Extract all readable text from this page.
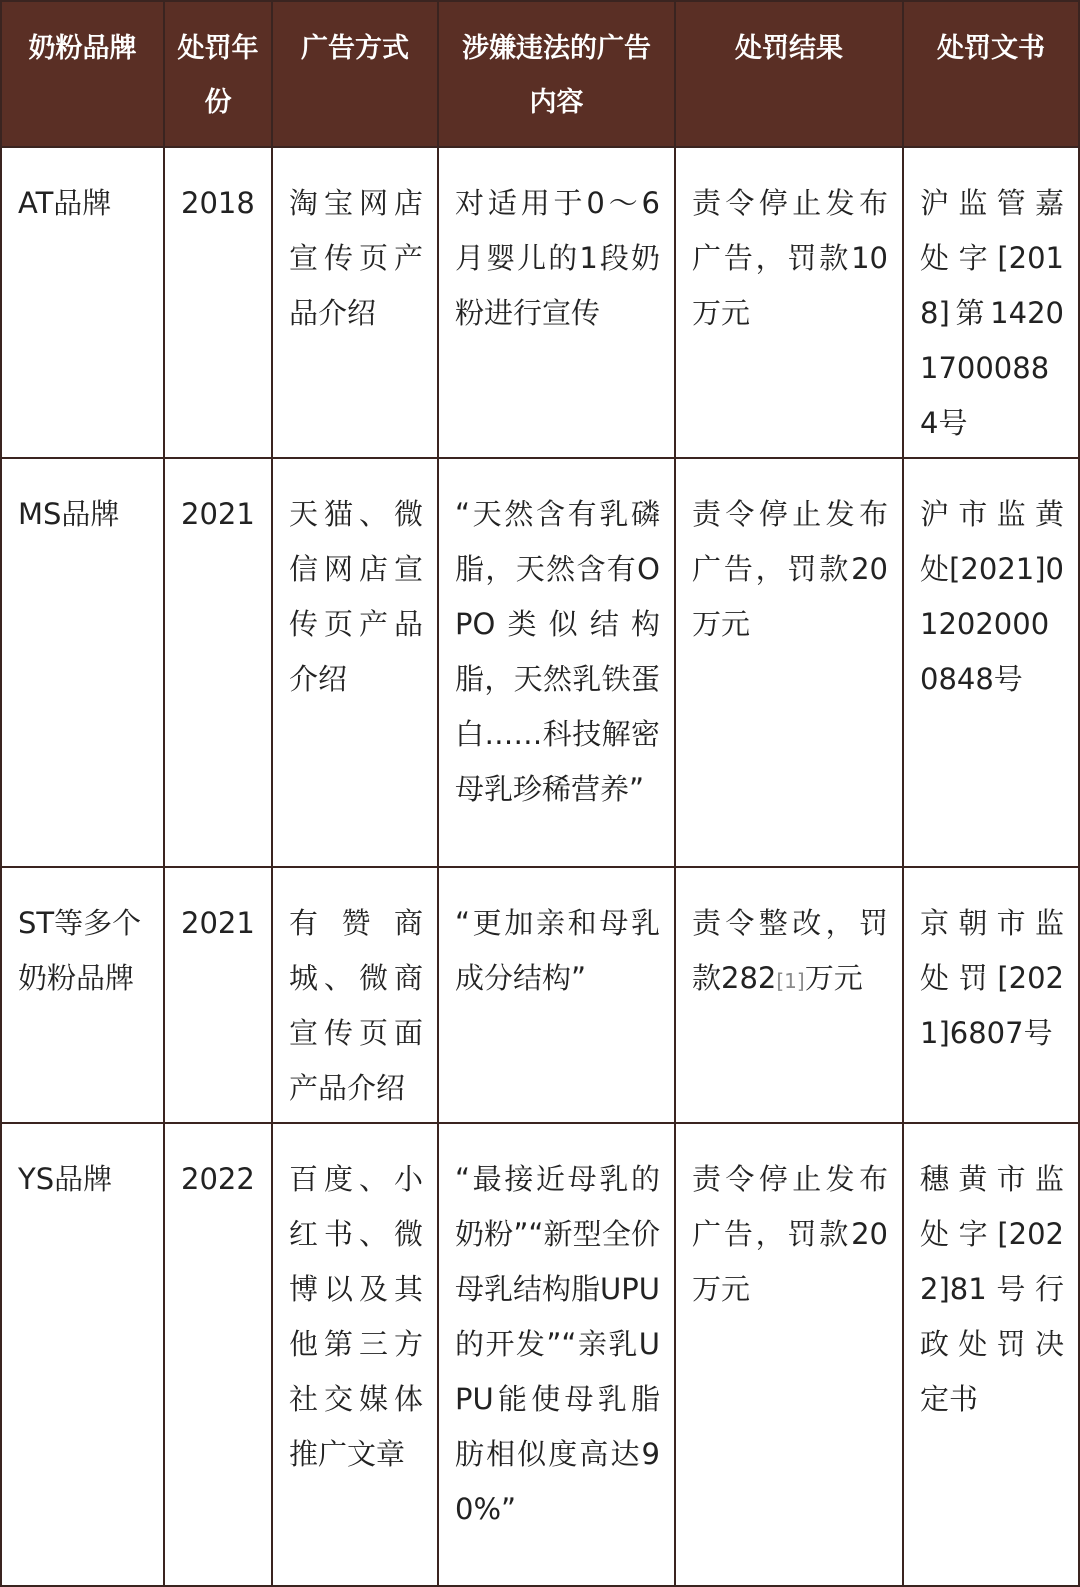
奶粉品牌	处罚年份	广告方式	涉嫌违法的广告内容	处罚结果	处罚文书
AT品牌	2018	淘宝网店宣传页产品介绍	对适用于0～6月婴儿的1段奶粉进行宣传	责令停止发布广告，罚款10万元	沪监管嘉处字[2018]第142017000884号
MS品牌	2021	天猫、微信网店宣传页产品介绍	“天然含有乳磷脂，天然含有OPO类似结构脂，天然乳铁蛋白……科技解密母乳珍稀营养”	责令停止发布广告，罚款20万元	沪市监黄处[2021]012020000848号
ST等多个奶粉品牌	2021	有赞商城、微商宣传页面产品介绍	“更加亲和母乳成分结构”	责令整改，罚款282[1]万元	京朝市监处罚[2021]6807号
YS品牌	2022	百度、小红书、微博以及其他第三方社交媒体推广文章	“最接近母乳的奶粉”“新型全价母乳结构脂UPU的开发”“亲乳UPU能使母乳脂肪相似度高达90%”	责令停止发布广告，罚款20万元	穗黄市监处字[2022]81号行政处罚决定书
